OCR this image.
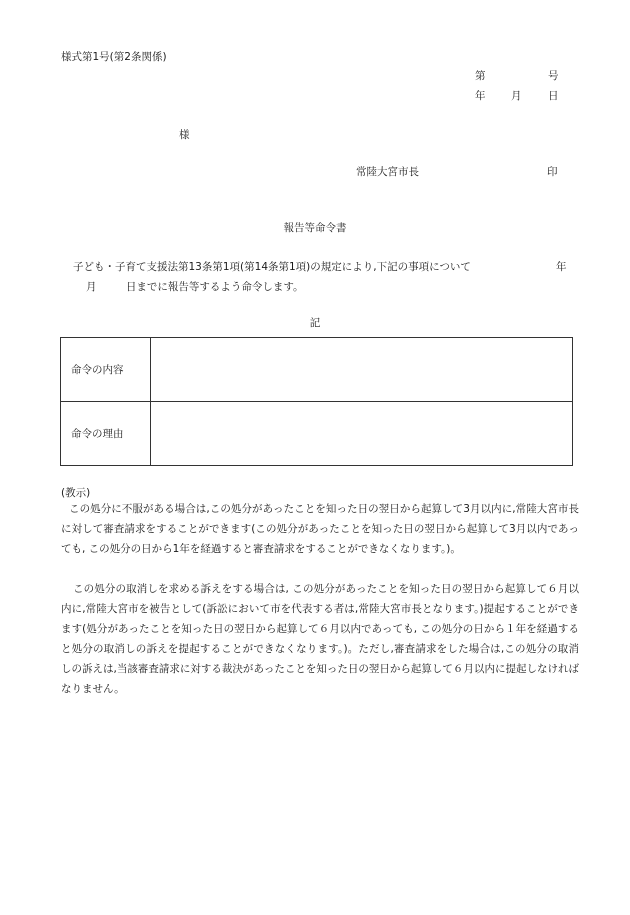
様式第1号(第2条関係)
第	号
年 月	日
様
常陸大宮市長	印
報告等命令書
子ども・子育て支援法第13条第1項(第14条第1項)の規定により,下記の事項について	年
月 日までに報告等するよう命令します。
記
命令の内容	
命令の理由	
(教示)
この処分に不服がある場合は,この処分があったことを知った日の翌日から起算して3月以内に,常陸大宮市長に対して審査請求をすることができます(この処分があったことを知った日の翌日から起算して3月以内であっても, この処分の日から1年を経過すると審査請求をすることができなくなります。)。
この処分の取消しを求める訴えをする場合は, この処分があったことを知った日の翌日から起算して６月以内に,常陸大宮市を被告として(訴訟において市を代表する者は,常陸大宮市長となります。)提起することができます(処分があったことを知った日の翌日から起算して６月以内であっても, この処分の日から１年を経過すると処分の取消しの訴えを提起することができなくなります。)。ただし,審査請求をした場合は,この処分の取消しの訴えは,当該審査請求に対する裁決があったことを知った日の翌日から起算して６月以内に提起しなければなりません。
